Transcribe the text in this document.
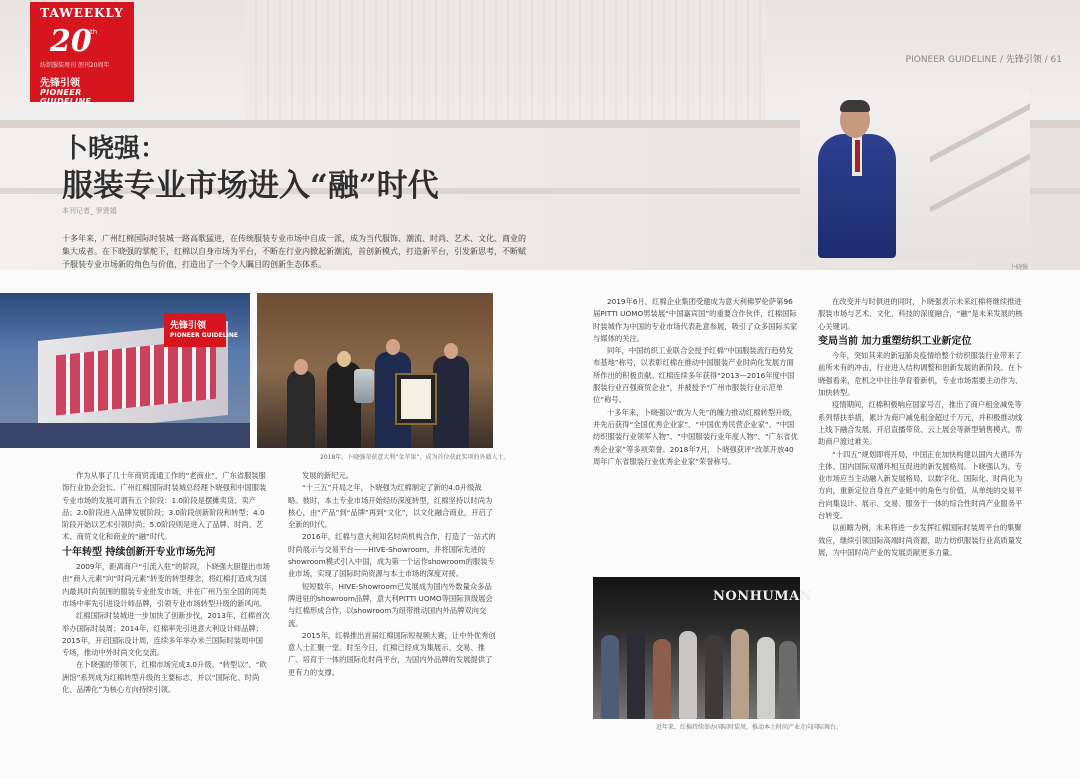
TAWEEKLY
20
th
纺织服装周刊 创刊20周年
先锋引领
PIONEER GUIDELINE
PIONEER GUIDELINE / 先锋引领 / 61
卜晓强：
服装专业市场进入“融”时代
本刊记者_ 罗贤娟
十多年来，广州红棉国际时装城一路高歌猛进，在传统服装专业市场中自成一派，成为当代服饰、潮流、时尚、艺术、文化、商业的集大成者。在下晓强的掌舵下，红棉以自身市场为平台，不断在行业内掀起新潮流，首创新模式，打造新平台，引发新思考，不断赋予服装专业市场新的角色与价值，打造出了一个令人瞩目的创新生态体系。	卜晓强
先锋引领
PIONEER GUIDELINE
2018年，卜晓强荣获意大利“金苹果”，成为首位获此奖项的外籍人士。

作为从事了几十年商贸流通工作的“老商业”，广东省服装服饰行业协会会长、广州红棉国际时装城总经理卜晓强和中国服装专业市场的发展可谓有五个阶段：1.0阶段是摆摊卖货、卖产品；2.0阶段进入品牌发展阶段；3.0阶段创新阶段和转型；4.0阶段开始以艺术引领时尚；5.0阶段则是进入了品牌、时尚、艺术、商贸文化和商业的“融”时代。

十年转型 持续创新开专业市场先河

2009年，距离商户“引流入驻”的阶段，卜晓强大胆提出市场由“商人元素”向“时尚元素”转变的转型理念，将红棉打造成为国内最具时尚氛围的服装专业批发市场，并在广州乃至全国的同类市场中率先引进设计师品牌，引领专业市场转型升级的新风向。

红棉国际时装城进一步加快了创新步伐，2013年，红棉首次举办国际时装周；2014年，红棉率先引进意大利设计师品牌；2015年，开启国际设计周，连续多年举办米兰国际时装周中国专场，推动中外时尚文化交流。

在卜晓强的带领下，红棉市场完成3.0升级。“转型以”、“欧洲馆”系列成为红棉转型升级的主要标志，并以“国际化、时尚化、品牌化”为核心方向持续引领。

发展的新纪元。

“十三五”开局之年，卜晓强为红棉制定了新的4.0升级战略。彼时，本土专业市场开始经历深度转型，红棉坚持以时尚为核心，由“产品”到“品牌”再到“文化”，以文化融合商业，开启了全新的时代。

2016年，红棉与意大利知名时尚机构合作，打造了一站式的时尚展示与交易平台——HIVE-Showroom，并将国际先进的showroom模式引入中国，成为第一个运作showroom的服装专业市场，实现了国际时尚资源与本土市场的深度对接。

短短数年，HIVE-Showroom已发展成为国内外数量众多品牌进驻的showroom品牌，意大利PITTI UOMO等国际顶级展会与红棉形成合作，以showroom为纽带推动国内外品牌双向交流。

2015年，红棉推出首届红棉国际短视频大赛，让中外优秀创意人士汇聚一堂。时至今日，红棉已经成为集展示、交易、推广、培育于一体的国际化时尚平台，为国内外品牌的发展提供了更有力的支撑。

2019年6月，红棉企业集团受邀成为意大利佛罗伦萨第96届PITTI UOMO男装展“中国嘉宾国”的重要合作伙伴，红棉国际时装城作为中国的专业市场代表赴意参展，吸引了众多国际买家与媒体的关注。

同年，中国纺织工业联合会授予红棉“中国服装流行趋势发布基地”称号，以表彰红棉在推动中国服装产业时尚化发展方面所作出的积极贡献。红棉连续多年获得“2013—2016年度中国服装行业百强商贸企业”，并被授予“广州市服装行业示范单位”称号。

十多年来，卜晓强以“敢为人先”的魄力推动红棉转型升级，并先后获得“全国优秀企业家”、“中国优秀民营企业家”、“中国纺织服装行业领军人物”、“中国服装行业年度人物”、“广东省优秀企业家”等多项荣誉。2018年7月，卜晓强获评“改革开放40周年广东省服装行业优秀企业家”荣誉称号。

在改变并与时俱进的同时，卜晓强表示未来红棉将继续推进服装市场与艺术、文化、科技的深度融合，“融”是未来发展的核心关键词。

变局当前 加力重塑纺织工业新定位

今年，突如其来的新冠肺炎疫情给整个纺织服装行业带来了前所未有的冲击，行业进入结构调整和创新发展的新阶段。在卜晓强看来，危机之中往往孕育着新机，专业市场需要主动作为、加快转型。

疫情期间，红棉积极响应国家号召，推出了商户租金减免等系列帮扶举措，累计为商户减免租金超过千万元，并积极推动线上线下融合发展，开启直播带货、云上展会等新型销售模式，帮助商户渡过难关。

“十四五”规划即将开局，中国正在加快构建以国内大循环为主体、国内国际双循环相互促进的新发展格局。卜晓强认为，专业市场应当主动融入新发展格局，以数字化、国际化、时尚化为方向，重新定位自身在产业链中的角色与价值，从单纯的交易平台向集设计、展示、交易、服务于一体的综合性时尚产业服务平台转变。

以前瞻为例，未来将进一步发挥红棉国际时装周平台的集聚效应，继续引领国际高端时尚资源，助力纺织服装行业高质量发展，为中国时尚产业的发展贡献更多力量。

NONHUMAN
近年来，红棉持续举办国际时装周，推动本土时尚产业走向国际舞台。
